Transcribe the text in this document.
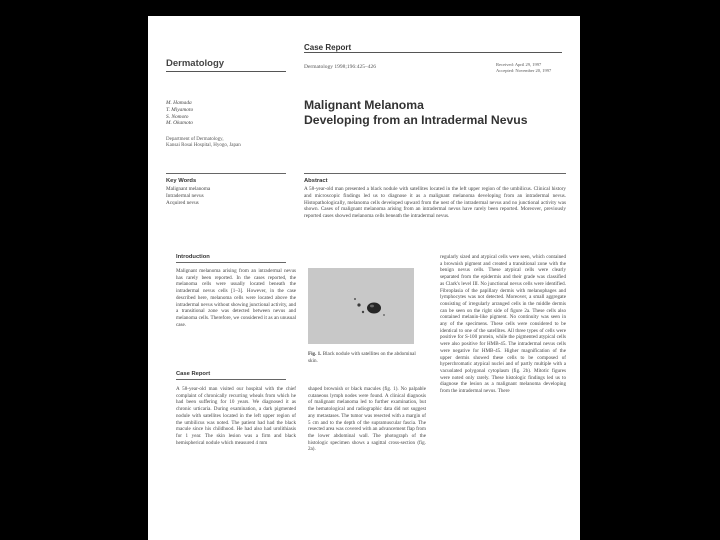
Dermatology
Case Report
Dermatology 1998;196:425–426	Received: April 29, 1997
Accepted: November 20, 1997
M. Hamada
T. Miyamoto
S. Nomoto
M. Okamoto
Department of Dermatology,
Kansai Rosai Hospital, Hyogo, Japan
Malignant Melanoma
Developing from an Intradermal Nevus
Key Words
Malignant melanoma
Intradermal nevus
Acquired nevus
Abstract
A 58-year-old man presented a black nodule with satellites located in the left upper region of the umbilicus. Clinical history and microscopic findings led us to diagnose it as a malignant melanoma developing from an intradermal nevus. Histopathologically, melanoma cells developed upward from the nest of the intradermal nevus and no junctional activity was shown. Cases of malignant melanoma arising from an intradermal nevus have rarely been reported. Moreover, previously reported cases showed melanoma cells beneath the intradermal nevus.
Introduction
Malignant melanoma arising from an intradermal nevus has rarely been reported. In the cases reported, the melanoma cells were usually located beneath the intradermal nevus cells [1–3]. However, in the case described here, melanoma cells were located above the intradermal nevus without showing junctional activity, and a transitional zone was detected between nevus and melanoma cells. Therefore, we considered it as an unusual case.
Case Report
A 58-year-old man visited our hospital with the chief complaint of chronically recurring wheals from which he had been suffering for 10 years. We diagnosed it as chronic urticaria. During examination, a dark pigmented nodule with satellites located in the left upper region of the umbilicus was noted. The patient had had the black macule since his childhood. He had also had urolithiasis for 1 year. The skin lesion was a firm and black hemispherical nodule which measured 4 mm
Fig. 1. Black nodule with satellites on the abdominal skin.
shaped brownish or black macules (fig. 1). No palpable cutaneous lymph nodes were found. A clinical diagnosis of malignant melanoma led to further examination, but the hematological and radiographic data did not suggest any metastases. The tumor was resected with a margin of 5 cm and to the depth of the supramuscular fascia. The resected area was covered with an advancement flap from the lower abdominal wall. The photograph of the histologic specimen shows a sagittal cross-section (fig. 2a).
regularly sized and atypical cells were seen, which contained a brownish pigment and created a transitional zone with the benign nevus cells. These atypical cells were clearly separated from the epidermis and their grade was classified as Clark's level III. No junctional nevus cells were identified. Fibroplasia of the papillary dermis with melanophages and lymphocytes was not detected. Moreover, a small aggregate consisting of irregularly arranged cells in the middle dermis can be seen on the right side of figure 2a. These cells also contained melanin-like pigment. No continuity was seen in any of the specimens. These cells were considered to be identical to one of the satellites. All three types of cells were positive for S-100 protein, while the pigmented atypical cells were also positive for HMB-45. The intradermal nevus cells were negative for HMB-45. Higher magnification of the upper dermis showed these cells to be composed of hyperchromatic atypical nuclei and of partly multiple with a vacuolated polygonal cytoplasm (fig. 2b). Mitotic figures were noted only rarely. These histologic findings led us to diagnose the lesion as a malignant melanoma developing from the intradermal nevus. There
